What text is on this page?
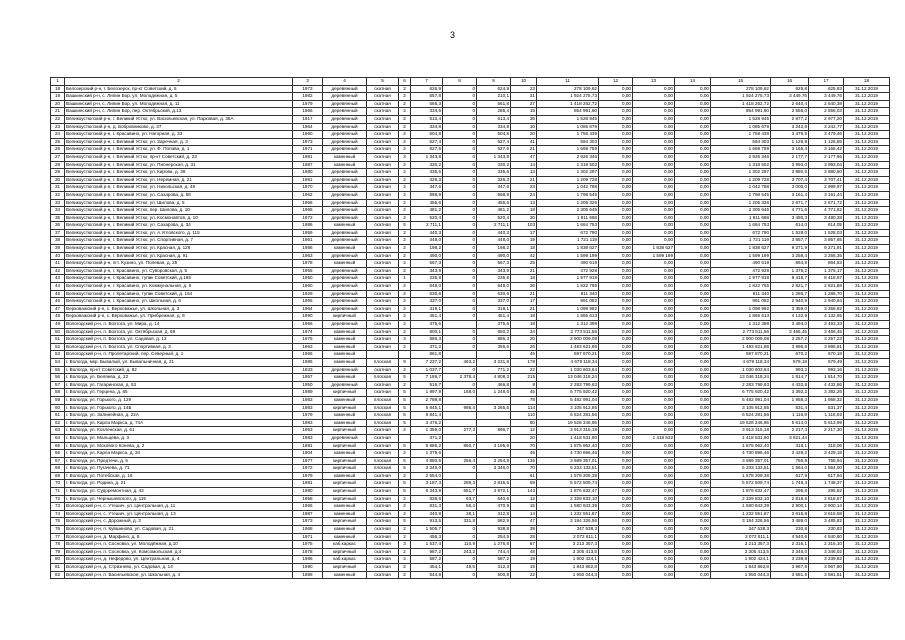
3
1	2	3	4	5	6	7	8	9	10	11	12	13	14	15	16	17	18
18	Белозерский р-н, г. Белозерск, пр-кт Советский, д. 5	1973	деревянный	скатная	2	626,9	0	624,9	23	278 109,62	0,00	0,00	0,00	278 109,62	625,8	625,83	31.12.2019
19	Вашкинский р-н, с. Липин Бор, ул. Молодежная, д. 5	1982	деревянный	скатная	2	557,8	0	210,1	31	1 924 275,73	0,00	0,00	0,00	1 924 275,73	3 449,76	3 449,76	31.12.2019
20	Вашкинский р-н, с. Липин Бор, ул. Молодежная, д. 11	1979	деревянный	скатная	2	568,3	0	561,8	27	1 418 262,72	0,00	0,00	0,00	1 418 262,72	2 640,4	2 640,38	31.12.2019
21	Вашкинский р-н, с. Липин Бор, пер. Октябрьский, д.13	1966	деревянный	скатная	2	334,5	0	285,4	15	854 991,60	0,00	0,00	0,00	854 991,60	2 556,0	2 556,03	31.12.2019
22	Великоустюгский р-н, г. Великий Устюг, ул. Васильевская, ул. Парковая, д. 36А	1917	деревянный	скатная	2	513,4	0	513,4	36	1 528 945	0,00	0,00	0,00	1 528 945	2 977,2	2 977,20	31.12.2019
23	Великоустюгский р-н, д. Бобровниково, д. 37	1964	деревянный	скатная	2	334,8	0	334,8	10	1 085 679	0,00	0,00	0,00	1 085 679	3 242,8	3 242,77	31.12.2019
24	Великоустюгский р-н, г. Красавино, ул. Нагорная, д. 33	1960	деревянный	скатная	2	504,8	0	504,8	20	1 758 439	0,00	0,00	0,00	1 758 439	3 479,5	3 479,46	31.12.2019
25	Великоустюгский р-н, г. Великий Устюг, ул. Заречная, д. 3	1973	деревянный	скатная	2	527,4	0	527,4	41	594 303	0,00	0,00	0,00	594 303	1 126,9	1 126,85	31.12.2019
26	Великоустюгский р-н, г. Великий Устюг, ул. Ф. Попова, д. 1	1971	деревянный	скатная	2	527,5	0	527,5	21	1 669 759	0,00	0,00	0,00	1 669 759	3 165,4	3 165,42	31.12.2019
27	Великоустюгский р-н, г. Великий Устюг, пр-кт Советский, д. 23	1981	каменный	скатная	3	1 343,8	0	1 343,8	47	2 926 346	0,00	0,00	0,00	2 926 346	2 177,7	2 177,66	31.12.2019
28	Великоустюгский р-н, г. Великий Устюг, ул. Пионерская, д. 31	1987	каменный	скатная	2	330,2	0	330,2	14	1 318 502	0,00	0,00	0,00	1 318 502	3 993,0	3 993,04	31.12.2019
29	Великоустюгский р-н, г. Великий Устюг, ул. Кирова, д. 38	1980	деревянный	скатная	2	335,6	0	335,6	13	1 302 297	0,00	0,00	0,00	1 302 297	3 880,5	3 880,50	31.12.2019
30	Великоустюгский р-н, г. Великий Устюг, ул. Неремная, д. 21	1981	деревянный	скатная	2	326,3	0	326,3	21	1 209 728	0,00	0,00	0,00	1 209 728	3 707,4	3 707,41	31.12.2019
31	Великоустюгский р-н, г. Великий Устюг, ул. Никольская, д. 49	1970	деревянный	скатная	2	347,6	0	347,6	23	1 042 788	0,00	0,00	0,00	1 042 788	3 000,0	2 999,97	31.12.2019
32	Великоустюгский р-н, г. Великий Устюг, ул. Сахарова, д. 58	1962	деревянный	скатная	2	568,9	0	568,9	24	1 798 545	0,00	0,00	0,00	1 798 545	3 161,4	3 161,44	31.12.2019
33	Великоустюгский р-н, г. Великий Устюг, ул. Шилова, д. 5	1966	деревянный	скатная	2	455,6	0	455,6	13	1 205 326	0,00	0,00	0,00	1 205 326	2 671,7	2 671,72	31.12.2019
34	Великоустюгский р-н, г. Великий Устюг, пер. Шилова, д. 10	1965	деревянный	скатная	2	481,2	0	481,2	18	2 305 645	0,00	0,00	0,00	2 305 645	4 771,6	4 771,62	31.12.2019
35	Великоустюгский р-н, г. Великий Устюг, ул. Космонавтов, д. 10	1972	деревянный	скатная	2	520,4	0	520,4	30	1 811 668	0,00	0,00	0,00	1 811 668	3 480,3	3 480,28	31.12.2019
36	Великоустюгский р-н, г. Великий Устюг, ул. Сахарова, д. 34	1986	каменный	скатная	5	2 711,1	0	2 711,1	103	1 664 753	0,00	0,00	0,00	1 664 753	614,0	614,05	31.12.2019
37	Великоустюгский р-н, г. Великий Устюг, ул. А.Угловского, д. 115	1959	деревянный	скатная	2	440,3	0	440,3	17	672 790	0,00	0,00	0,00	672 790	1 528,0	1 528,03	31.12.2019
38	Великоустюгский р-н, г. Великий Устюг, ул. Спортивная, д. 7	1961	деревянный	скатная	2	448,0	0	448,0	19	1 721 119	0,00	0,00	0,00	1 721 119	3 857,7	3 857,65	31.12.2019
39	Великоустюгский р-н, г. Великий Устюг, ул. Красная, д. 126	1986	каменный	скатная	2	198,2	0	198,2	18	1 838 627	0,00	1 838 627	0,00	1 838 627	9 271,9	9 271,91	31.12.2019
40	Великоустюгский р-н, г. Великий Устюг, ул. Красная, д. 91	1963	деревянный	скатная	2	490,0	0	490,0	42	1 599 199	0,00	1 599 199	0,00	1 599 199	3 258,4	3 258,35	31.12.2019
41	Великоустюгский р-н, пгт. Кузино, ул. Полевая, д. 25	1978	каменный	скатная	2	567,3	0	567,3	25	490 619	0,00	0,00	0,00	490 619	864,8	864,83	31.12.2019
42	Великоустюгский р-н, г. Красавино, ул. Суворовская, д. 5	1955	деревянный	скатная	2	343,9	0	343,9	21	472 928	0,00	0,00	0,00	472 928	1 375,2	1 375,17	31.12.2019
43	Великоустюгский р-н, г. Красавино, тупик Советский, д.165	1950	деревянный	скатная	1	235,8	0	235,8	18	1 977 918	0,00	0,00	0,00	1 977 918	8 418,7	8 418,67	31.12.2019
44	Великоустюгский р-н, г. Красавино, ул. Коммунальная, д. 6	1960	деревянный	скатная	2	648,0	0	648,0	36	1 822 765	0,00	0,00	0,00	1 822 765	2 821,7	2 821,68	31.12.2019
45	Великоустюгский р-н, г. Красавино, тупик Советский, д. 164	1929	деревянный	скатная	2	630,6	0	630,6	21	811 340	0,00	0,00	0,00	811 340	1 286,7	1 286,70	31.12.2019
46	Великоустюгский р-н, г. Красавино, ул. Школьная, д. 6	1965	деревянный	скатная	2	337,0	0	337,0	17	991 082	0,00	0,00	0,00	991 082	2 940,9	2 940,84	31.12.2019
47	Верховажский р-н, с. Верховажье, ул. Школьная, д. 3	1964	деревянный	скатная	2	319,1	0	319,1	21	1 098 992	0,00	0,00	0,00	1 098 992	3 359,0	3 358,82	31.12.2019
48	Верховажский р-н, с. Верховажье, ул. Прибрежная, д. 9	1990	кирпичный	скатная	2	451,4	0	451,4	18	1 865 613	0,00	0,00	0,00	1 865 613	4 132,9	4 132,85	31.12.2019
49	Вологодский р-н, п. Вохтога, ул. Мира, д. 14	1966	деревянный	скатная	2	375,6		375,6	18	1 312 398	0,00	0,00	0,00	1 312 398	3 494,0	3 493,33	31.12.2019
50	Вологодский р-н, п. Вохтога, ул. Октябрьская, д. 69	1974	каменный	скатная	2	800,1	0	650,2	34	2 773 511,56	0,00	0,00	0,00	2 773 511,56	3 466,45	3 466,45	31.12.2019
51	Вологодский р-н, п. Вохтога, ул. Садовая, д. 13	1975	каменный	скатная	3	886,3	0	886,3	20	2 900 009,08	0,00	0,00	0,00	2 900 009,08	3 257,2	3 257,23	31.12.2019
52	Вологодский р-н, п. Вохтога, ул. Спортивная, д. 3	1963	каменный	скатная	2	371,2	0	356,5	26	1 483 621,86	0,00	0,00	0,00	1 483 621,86	3 996,8	3 996,81	31.12.2019
53	Вологодский р-н, п. Пролетарский, пер. Северный, д. 1	1966	каменный			861,8			45	597 870,21	0,00	0,00	0,00	597 870,21	670,2	670,18	31.12.2019
54	г. Вологда, мкр. Бывалый, ул. Бывальничная, д. 21	1986	каменный	плоская	9	7 237,2	463,2	3 231,8	178	4 679 118,34	0,00	0,00	0,00	4 679 118,34	579,18	579,49	31.12.2019
55	г. Вологда, пр-кт Советский, д. 82	1933	деревянный	скатная	2	1 037,7	0	771,2	22	1 030 603,64	0,00	0,00	0,00	1 030 603,64	993,2	993,16	31.12.2019
56	г. Вологда, ул. Беляева, д. 22	1957	каменный	плоская	5	7 186,7	2 378,4	4 808,3	215	13 046 318,24	0,00	0,00	0,00	13 046 318,24	1 814,7	1 814,70	31.12.2019
57	г. Вологда, ул. Гагаринская, д. 53	1950	деревянный	скатная	2	516,7	0	466,8	8	2 283 799,63	0,00	0,00	0,00	2 283 799,63	4 432,8	4 432,86	31.12.2019
58	г. Вологда, ул. Герцена, д. 65	1989	кирпичный	скатная	5	1 997,9	168,0	1 248,6	45	6 775 920,42	0,00	0,00	0,00	6 775 920,42	3 392,2	3 392,26	31.12.2019
59	г. Вологда, ул. Горького, д. 129	1983	каменный	плоская	5	2 789,8			78	5 482 991,04	0,00	0,00	0,00	5 482 991,04	1 958,3	1 958,32	31.12.2019
60	г. Вологда, ул. Горького, д. 14Б	1983	кирпичный	плоская	5	5 845,1	995,4	3 265,5	114	3 105 912,85	0,00	0,00	0,00	3 105 912,85	531,4	531,37	31.12.2019
61	г. Вологда, ул. Залинейная, д. 22А	1979	каменный	плоская	5	5 841,4			110	6 524 281,56	0,00	0,00	0,00	6 524 281,56	1 116,9	1 116,92	31.12.2019
62	г. Вологда, ул. Карла Маркса, д. 74А	1983	каменный	плоская	5	3 476,2			80	19 528 346,95	0,00	0,00	0,00	19 528 346,95	5 614,0	5 613,99	31.12.2019
63	г. Вологда, ул. Козленская, д. 61	1953	кирпичный	скатная	2	1 359,0	277,3	866,7	12	3 913 315,18	0,00	0,00	0,00	3 913 315,18	2 217,3	2 217,30	31.12.2019
64	г. Вологда, ул. Мальцева, д. 3	1983	деревянный	скатная		371,2			20	1 418 531,90	0,00	1 418 532	0,00	1 418 531,90	3 821,44		31.12.2019
65	г. Вологда, ул. Мохового Конева, д. 2	1981	кирпичный	скатная	5	5 886,2	860,7	3 195,9	70	1 875 962,40	0,00	0,00	0,00	1 875 962,40	318,1	318,06	31.12.2019
66	г. Вологда, ул. Карла Маркса, д. 34	1904	каменный	скатная	2	1 379,6			45	4 730 896,46	0,00	0,00	0,00	4 730 896,46	3 429,2	3 429,18	31.12.2019
67	г. Вологда, ул. Предтечи, д. 5	1977	кирпичный	плоская	5	4 880,5	256,4	3 254,8	136	3 689 357,01	0,00	0,00	0,00	3 689 357,01	755,9	755,94	31.12.2019
68	г. Вологда, ул. Пугачева, д. 71	1972	кирпичный	плоская	5	3 346,0	0	3 346,0	70	5 233 133,51	0,00	0,00	0,00	5 233 133,51	1 564,0	1 564,00	31.12.2019
69	г. Вологда, ул. Потебская, д. 16	1979	каменный	скатная	2	2 554,0			61	1 578 209,38	0,00	0,00	0,00	1 578 209,38	617,9	617,94	31.12.2019
70	г. Вологда, ул. Родина, д. 21	1981	кирпичный	скатная	5	3 187,3	289,3	2 815,5	59	5 572 509,74	0,00	0,00	0,00	5 572 509,74	1 748,4	1 748,37	31.12.2019
71	г. Вологда, ул. Судоремонтная, д. 42	1980	кирпичный	скатная	5	6 343,9	651,7	4 872,1	143	1 876 632,47	0,00	0,00	0,00	1 876 632,47	295,8	295,82	31.12.2019
72	г. Вологда, ул. Чернышевского, д. 115	1958	кирпичный	скатная	2	836,6	93,7	540,6	12	2 329 833,10	0,00	0,00	0,00	2 329 833,10	2 818,5	2 818,57	31.12.2019
73	Вологодский р-н, с. Утешич, ул. Центральная, д. 11	1966	каменный	скатная	2	831,3	56,4	470,9	15	1 580 843,39	0,00	0,00	0,00	1 580 843,39	2 900,1	2 900,14	31.12.2019
74	Вологодский р-н, с. Утешич, ул. Центральная, д. 13	1987	каменный	скатная	2	340,8	28,1	312,8	14	1 232 551,87	0,00	0,00	0,00	1 232 551,87	3 615,8	3 615,58	31.12.2019
75	Вологодский р-н, с. Дорожный, д. 3	1973	кирпичный	скатная	5	913,5	331,8	582,9	47	3 184 326,56	0,00	0,00	0,00	3 184 326,56	3 486,0	3 485,82	31.12.2019
76	Вологодский р-н, п. Кувшиново, ул. Садовая, д. 21	1968	каменный	скатная	2	1 505,7	0	938,8	39	347 538,3	0,00	0,00	0,00	347 538,3	230,8	230,83	31.12.2019
77	Вологодский р-н, д. Марфино, д. 8	1971	каменный	скатная	2	456,3	0	254,5	28	2 072 611,1	0,00	0,00	0,00	2 072 611,1	4 540,6	4 540,60	31.12.2019
78	Вологодский р-н, п. Сосновка, ул. Молодёжная, д.10	1975	каб.каркас	скатная	3	1 537,4	110,9	1 276,8	67	3 213 357,3	0,00	0,00	0,00	3 213 357,3	2 316,1	2 316,10	31.12.2019
79	Вологодский р-н, п. Сосновка, ул. Комсомольская, д.4	1978	кирпичный	скатная	2	987,2	243,2	744,4	48	3 305 413,5	0,00	0,00	0,00	3 305 413,5	3 346,0	3 346,02	31.12.2019
80	Вологодский р-н, д. Нефедово, ул. Центральная, д. 4	1986	каб.каркас	скатная	2	587,2	0	587,2	19	1 902 424,1	0,00	0,00	0,00	1 902 424,1	3 239,8	3 239,82	31.12.2019
81	Вологодский р-н, д. Стризнево, ул. Садовая, д. 14	1990	кирпичный	скатная	2	454,1	49,5	312,3	19	1 843 862,8	0,00	0,00	0,00	1 843 862,8	3 967,8	3 967,80	31.12.2019
82	Вологодский р-н, п. Васильевское, ул. Школьная, д. 4	1989	каменный	скатная	2	544,9	0	500,8	22	1 950 044,3	0,00	0,00	0,00	1 950 044,3	3 581,5	3 581,51	31.12.2019
